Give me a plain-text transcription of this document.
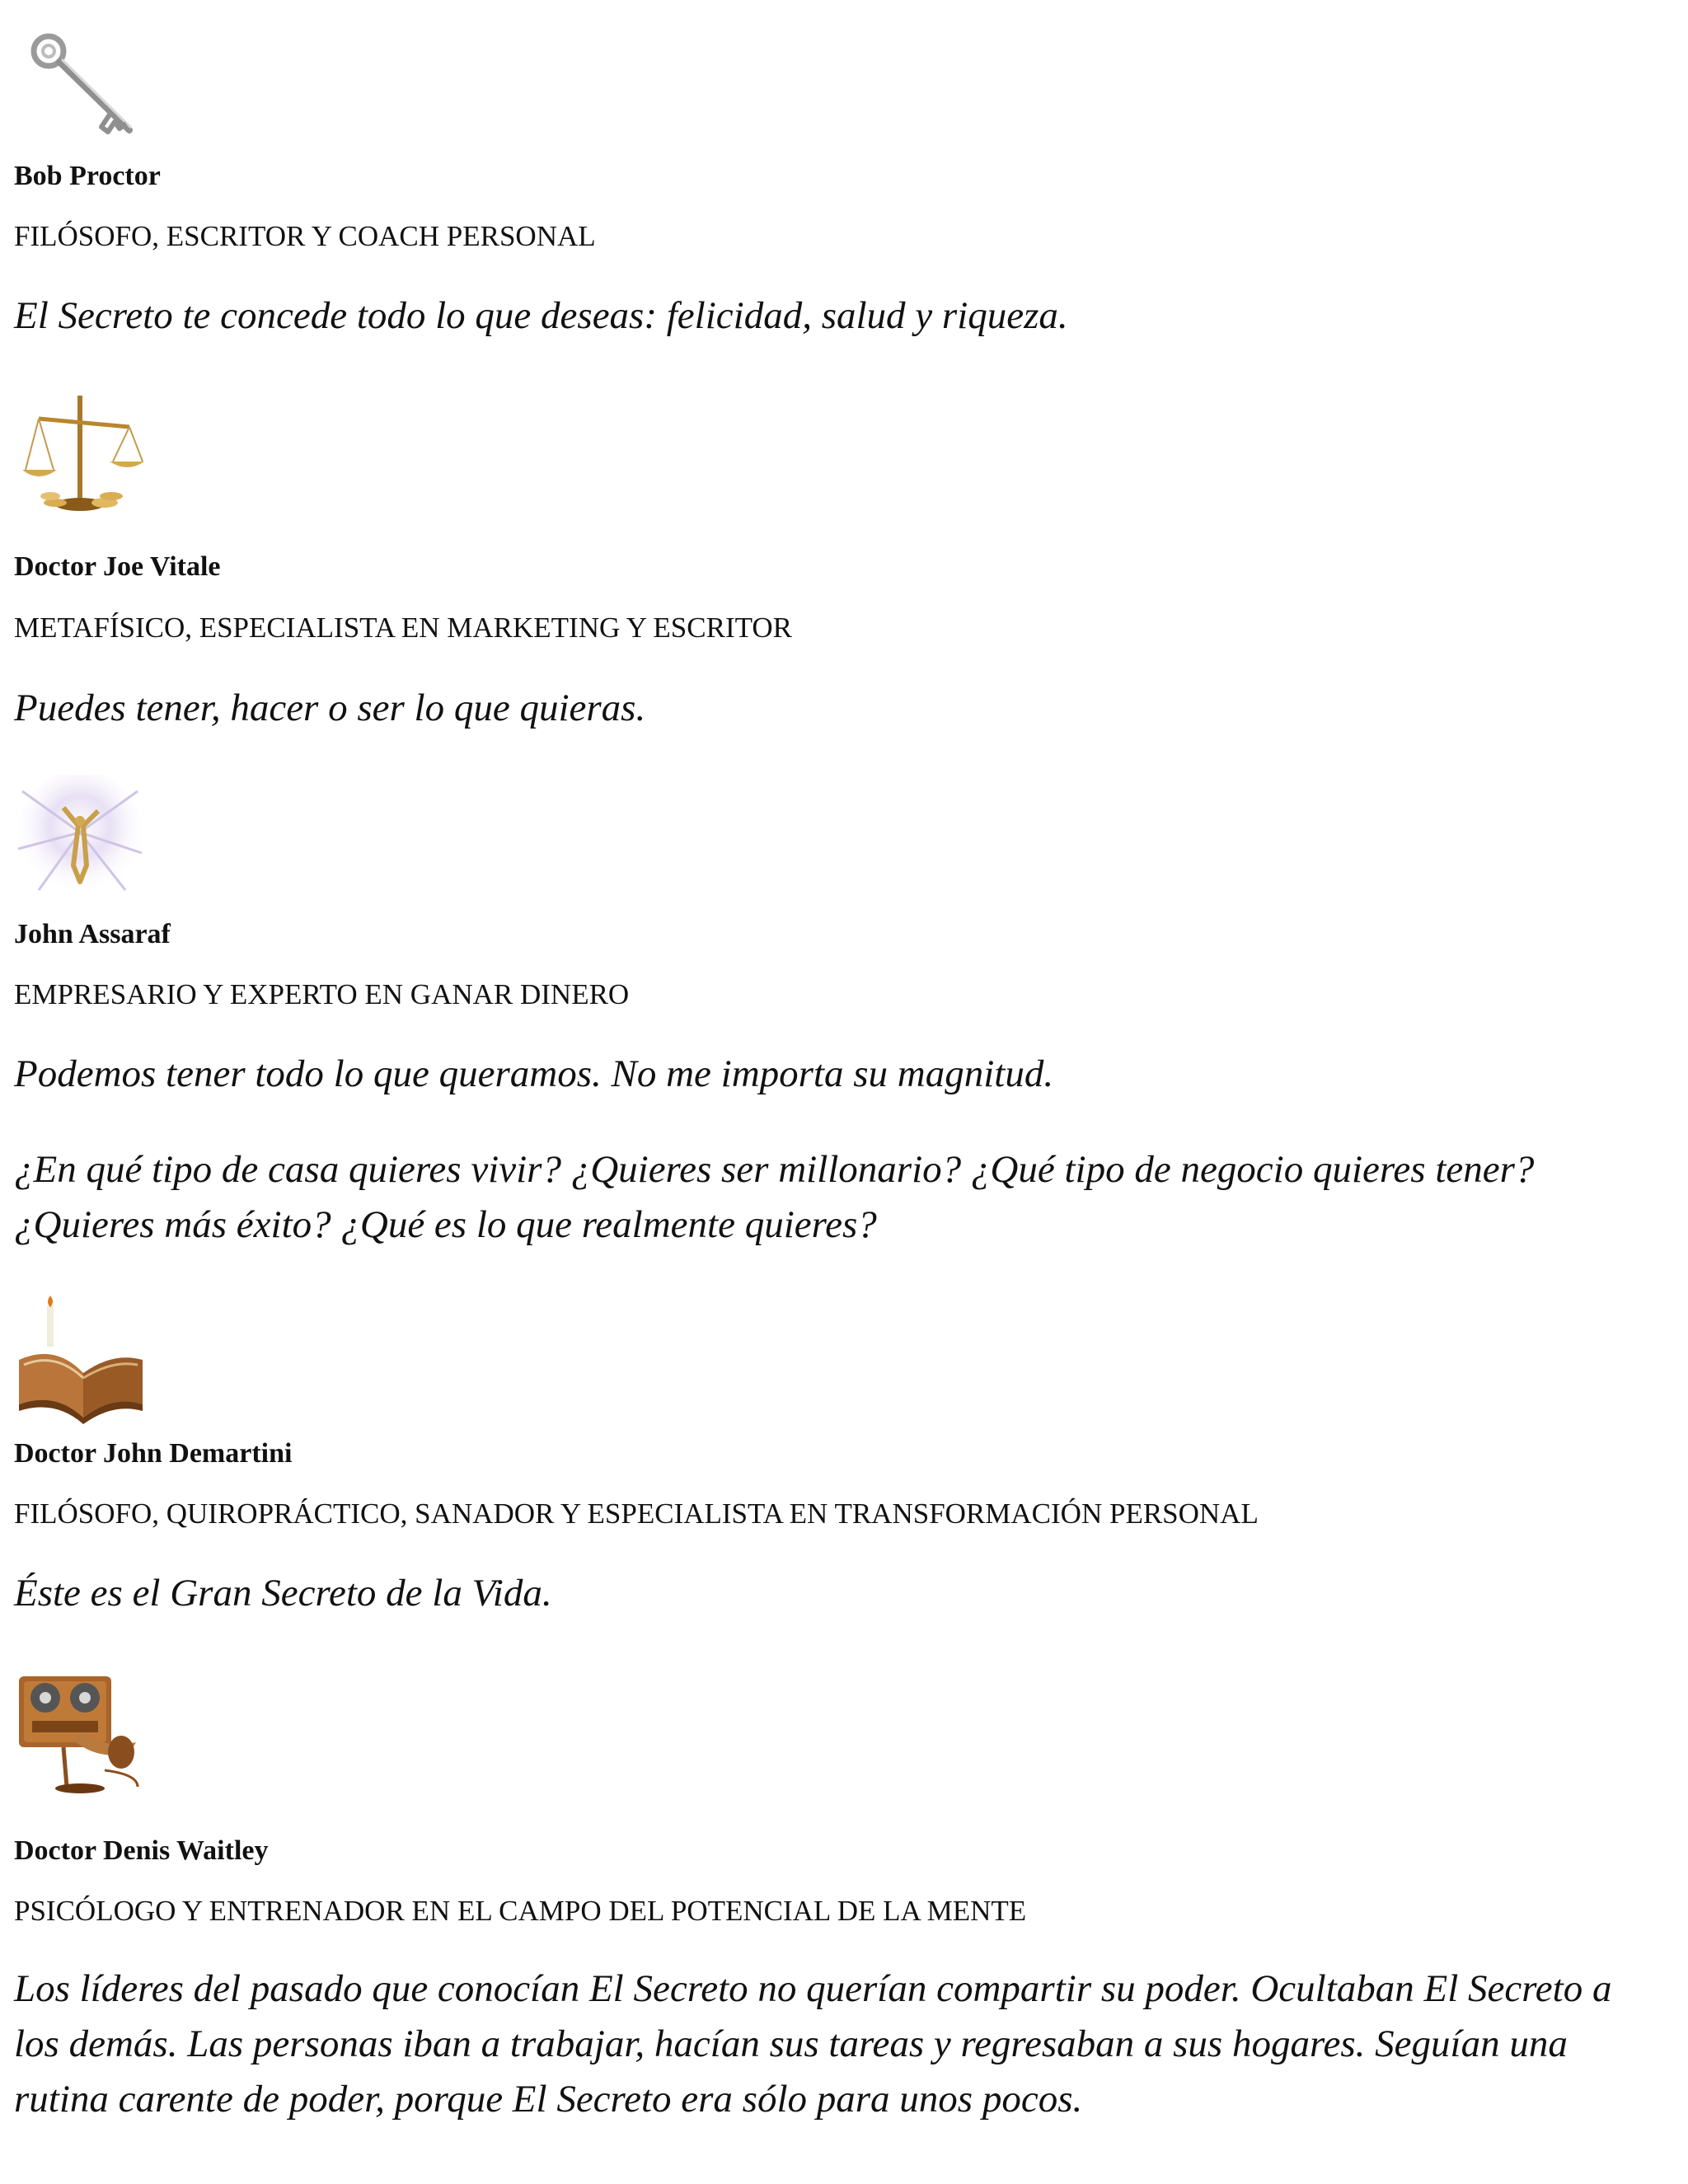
Bob Proctor
FILÓSOFO, ESCRITOR Y COACH PERSONAL
El Secreto te concede todo lo que deseas: felicidad, salud y riqueza.
Doctor Joe Vitale
METAFÍSICO, ESPECIALISTA EN MARKETING Y ESCRITOR
Puedes tener, hacer o ser lo que quieras.
John Assaraf
EMPRESARIO Y EXPERTO EN GANAR DINERO
Podemos tener todo lo que queramos. No me importa su magnitud.
¿En qué tipo de casa quieres vivir? ¿Quieres ser millonario? ¿Qué tipo de negocio quieres tener? ¿Quieres más éxito? ¿Qué es lo que realmente quieres?
Doctor John Demartini
FILÓSOFO, QUIROPRÁCTICO, SANADOR Y ESPECIALISTA EN TRANSFORMACIÓN PERSONAL
Éste es el Gran Secreto de la Vida.
Doctor Denis Waitley
PSICÓLOGO Y ENTRENADOR EN EL CAMPO DEL POTENCIAL DE LA MENTE
Los líderes del pasado que conocían El Secreto no querían compartir su poder. Ocultaban El Secreto a los demás. Las personas iban a trabajar, hacían sus tareas y regresaban a sus hogares. Seguían una rutina carente de poder, porque El Secreto era sólo para unos pocos.
